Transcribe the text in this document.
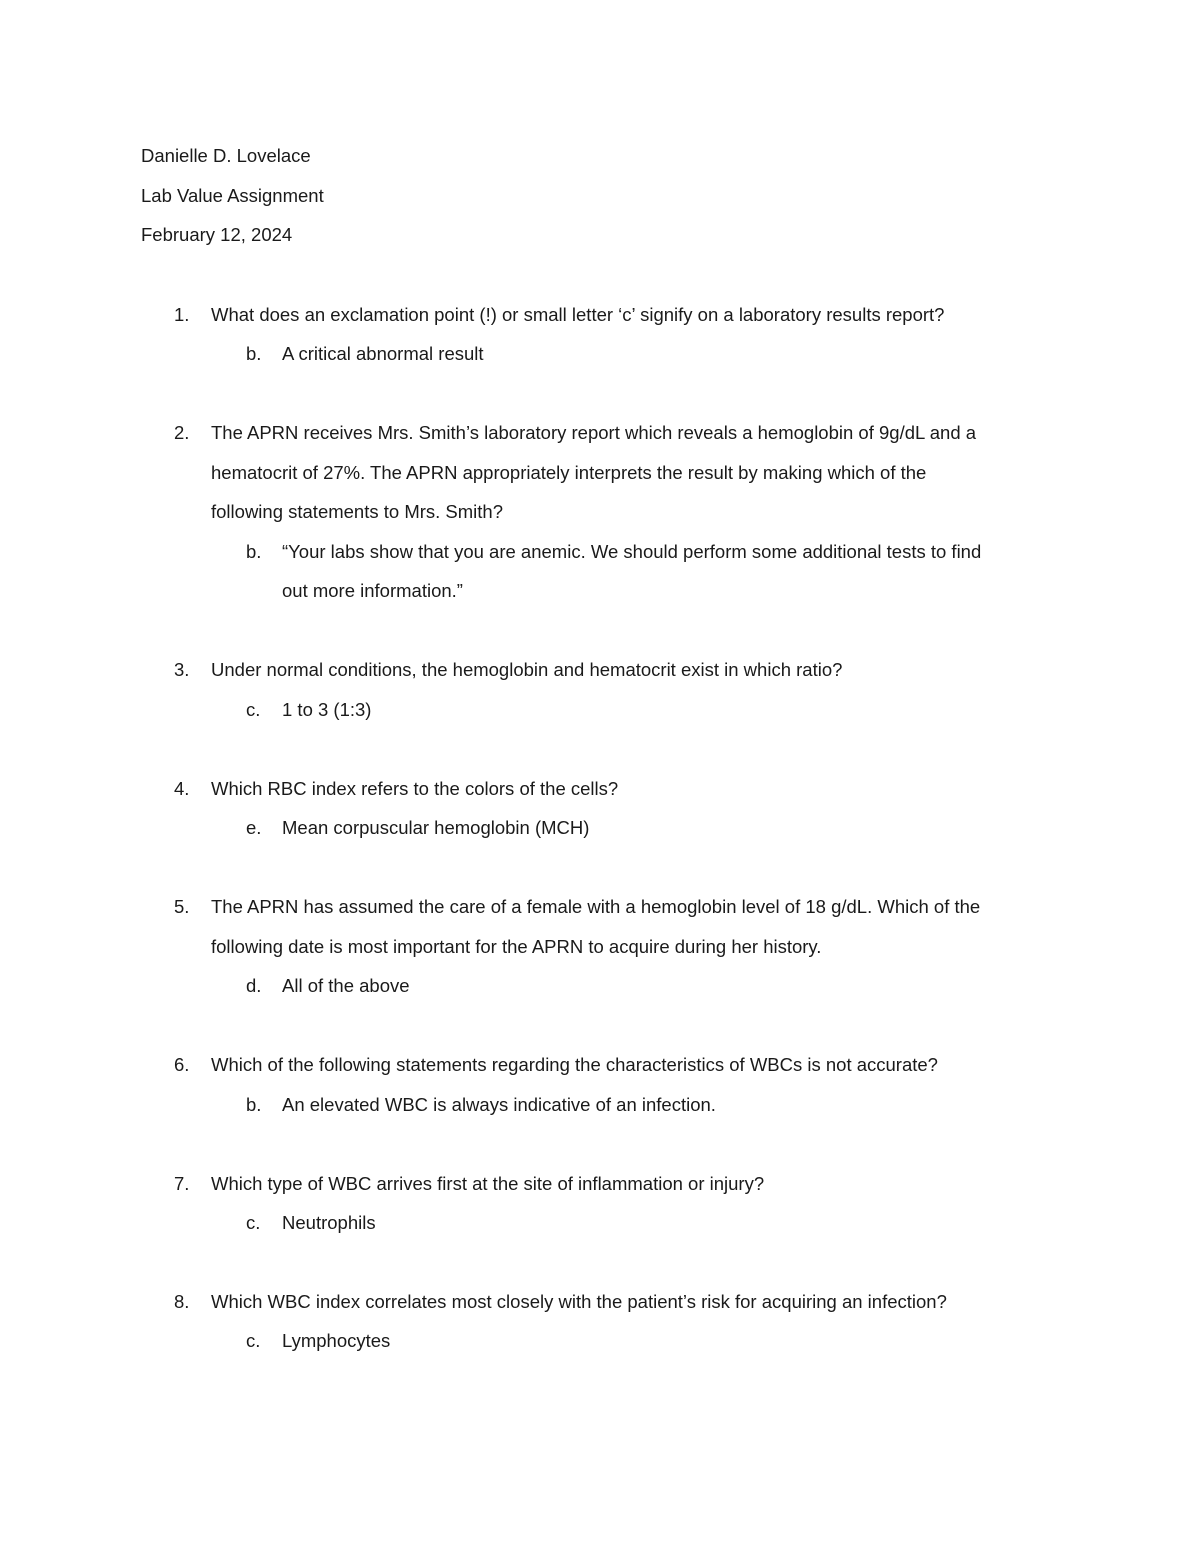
Danielle D. Lovelace
Lab Value Assignment
February 12, 2024
1. What does an exclamation point (!) or small letter ‘c’ signify on a laboratory results report?
b. A critical abnormal result
2. The APRN receives Mrs. Smith’s laboratory report which reveals a hemoglobin of 9g/dL and a
hematocrit of 27%. The APRN appropriately interprets the result by making which of the
following statements to Mrs. Smith?
b. “Your labs show that you are anemic. We should perform some additional tests to find
out more information.”
3. Under normal conditions, the hemoglobin and hematocrit exist in which ratio?
c. 1 to 3 (1:3)
4. Which RBC index refers to the colors of the cells?
e. Mean corpuscular hemoglobin (MCH)
5. The APRN has assumed the care of a female with a hemoglobin level of 18 g/dL. Which of the
following date is most important for the APRN to acquire during her history.
d. All of the above
6. Which of the following statements regarding the characteristics of WBCs is not accurate?
b. An elevated WBC is always indicative of an infection.
7. Which type of WBC arrives first at the site of inflammation or injury?
c. Neutrophils
8. Which WBC index correlates most closely with the patient’s risk for acquiring an infection?
c. Lymphocytes
